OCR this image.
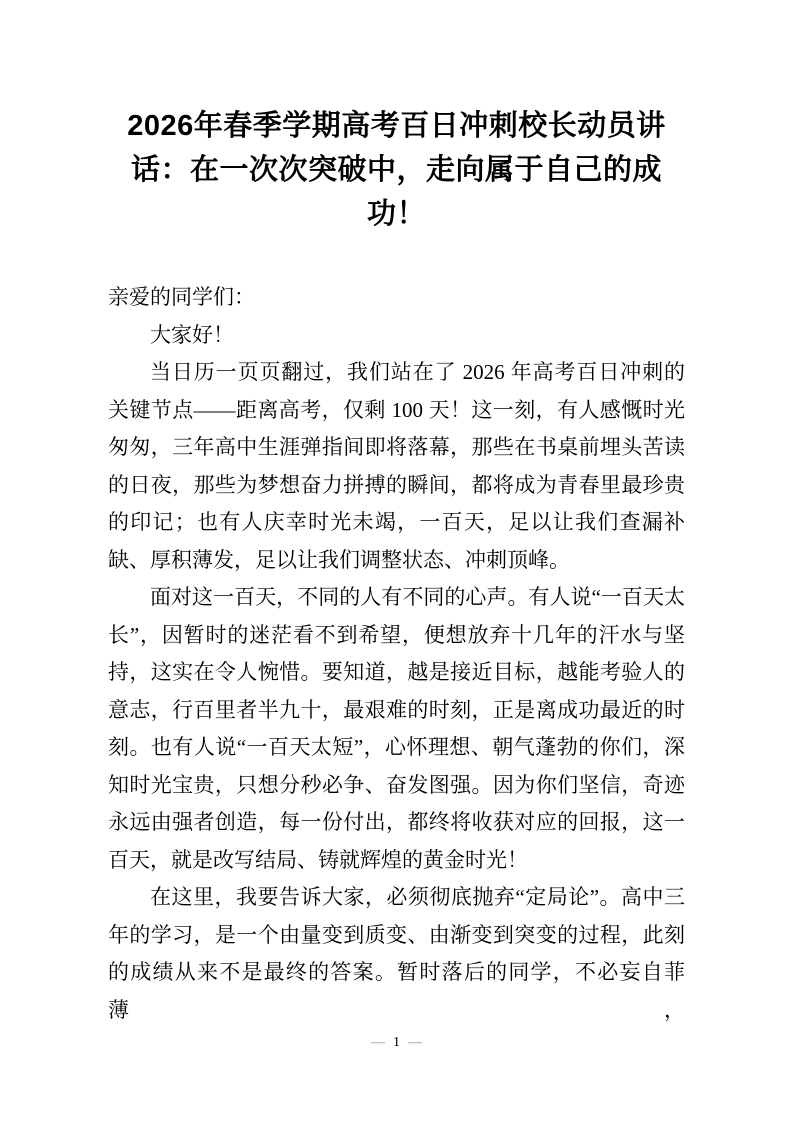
2026年春季学期高考百日冲刺校长动员讲话：在一次次突破中，走向属于自己的成功！

亲爱的同学们：

大家好！

当日历一页页翻过，我们站在了 2026 年高考百日冲刺的关键节点——距离高考，仅剩 100 天！这一刻，有人感慨时光匆匆，三年高中生涯弹指间即将落幕，那些在书桌前埋头苦读的日夜，那些为梦想奋力拼搏的瞬间，都将成为青春里最珍贵的印记；也有人庆幸时光未竭，一百天，足以让我们查漏补缺、厚积薄发，足以让我们调整状态、冲刺顶峰。

面对这一百天，不同的人有不同的心声。有人说“一百天太长”，因暂时的迷茫看不到希望，便想放弃十几年的汗水与坚持，这实在令人惋惜。要知道，越是接近目标，越能考验人的意志，行百里者半九十，最艰难的时刻，正是离成功最近的时刻。也有人说“一百天太短”，心怀理想、朝气蓬勃的你们，深知时光宝贵，只想分秒必争、奋发图强。因为你们坚信，奇迹永远由强者创造，每一份付出，都终将收获对应的回报，这一百天，就是改写结局、铸就辉煌的黄金时光！

在这里，我要告诉大家，必须彻底抛弃“定局论”。高中三年的学习，是一个由量变到质变、由渐变到突变的过程，此刻的成绩从来不是最终的答案。暂时落后的同学，不必妄自菲薄，

— 1 —
